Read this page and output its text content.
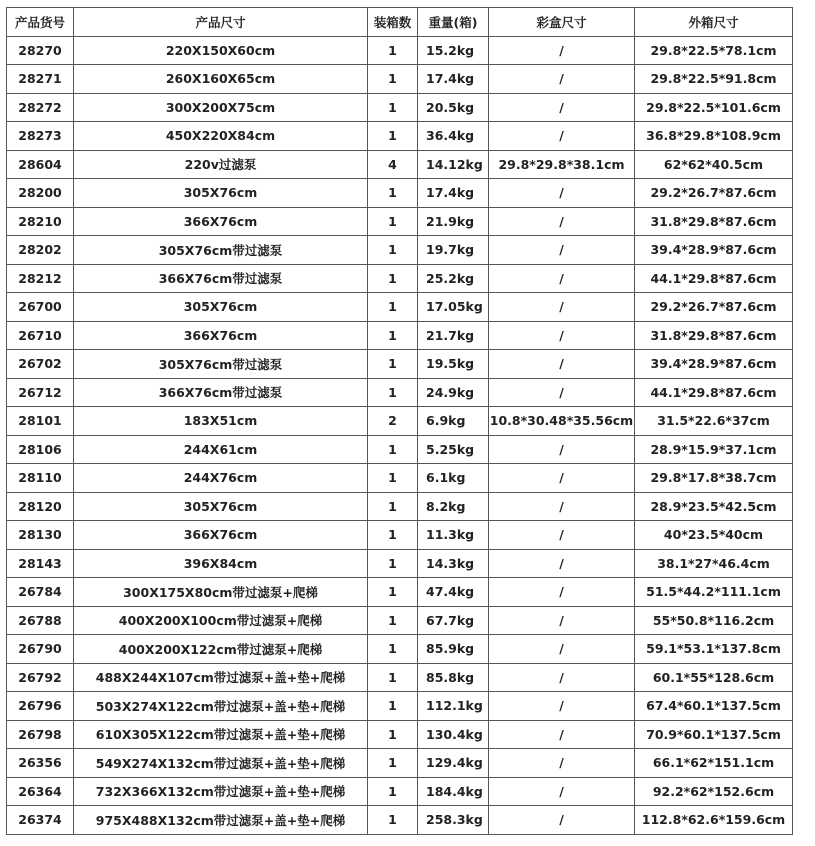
产品货号	产品尺寸	装箱数	重量(箱)	彩盒尺寸	外箱尺寸
28270	220X150X60cm	1	15.2kg	/	29.8*22.5*78.1cm
28271	260X160X65cm	1	17.4kg	/	29.8*22.5*91.8cm
28272	300X200X75cm	1	20.5kg	/	29.8*22.5*101.6cm
28273	450X220X84cm	1	36.4kg	/	36.8*29.8*108.9cm
28604	220v过滤泵	4	14.12kg	29.8*29.8*38.1cm	62*62*40.5cm
28200	305X76cm	1	17.4kg	/	29.2*26.7*87.6cm
28210	366X76cm	1	21.9kg	/	31.8*29.8*87.6cm
28202	305X76cm带过滤泵	1	19.7kg	/	39.4*28.9*87.6cm
28212	366X76cm带过滤泵	1	25.2kg	/	44.1*29.8*87.6cm
26700	305X76cm	1	17.05kg	/	29.2*26.7*87.6cm
26710	366X76cm	1	21.7kg	/	31.8*29.8*87.6cm
26702	305X76cm带过滤泵	1	19.5kg	/	39.4*28.9*87.6cm
26712	366X76cm带过滤泵	1	24.9kg	/	44.1*29.8*87.6cm
28101	183X51cm	2	6.9kg	10.8*30.48*35.56cm	31.5*22.6*37cm
28106	244X61cm	1	5.25kg	/	28.9*15.9*37.1cm
28110	244X76cm	1	6.1kg	/	29.8*17.8*38.7cm
28120	305X76cm	1	8.2kg	/	28.9*23.5*42.5cm
28130	366X76cm	1	11.3kg	/	40*23.5*40cm
28143	396X84cm	1	14.3kg	/	38.1*27*46.4cm
26784	300X175X80cm带过滤泵+爬梯	1	47.4kg	/	51.5*44.2*111.1cm
26788	400X200X100cm带过滤泵+爬梯	1	67.7kg	/	55*50.8*116.2cm
26790	400X200X122cm带过滤泵+爬梯	1	85.9kg	/	59.1*53.1*137.8cm
26792	488X244X107cm带过滤泵+盖+垫+爬梯	1	85.8kg	/	60.1*55*128.6cm
26796	503X274X122cm带过滤泵+盖+垫+爬梯	1	112.1kg	/	67.4*60.1*137.5cm
26798	610X305X122cm带过滤泵+盖+垫+爬梯	1	130.4kg	/	70.9*60.1*137.5cm
26356	549X274X132cm带过滤泵+盖+垫+爬梯	1	129.4kg	/	66.1*62*151.1cm
26364	732X366X132cm带过滤泵+盖+垫+爬梯	1	184.4kg	/	92.2*62*152.6cm
26374	975X488X132cm带过滤泵+盖+垫+爬梯	1	258.3kg	/	112.8*62.6*159.6cm
